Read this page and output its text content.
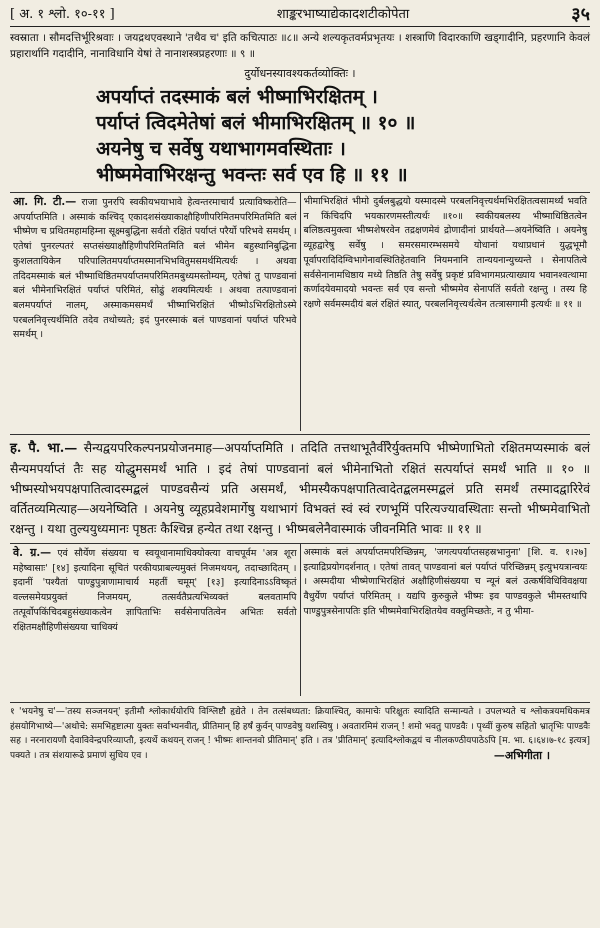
[ अ. १ श्लो. १०-११ ]	शाङ्करभाष्याद्येकादशटीकोपेता	३५

स्वस्राता । सौमदत्तिर्भूरिश्रवाः । जयद्रथएवस्थाने 'तथैव च' इति कचित्पाठः ॥८॥ अन्ये शल्यकृतवर्मप्रभृतयः । शस्त्राणि विदारकाणि खड्गादीनि, प्रहरणानि केवलं प्रहारार्थानि गदादीनि, नानाविधानि येषां ते नानाशस्त्रप्रहरणाः ॥ ९ ॥

दुर्योधनस्यावश्यकर्तव्योक्तिः ।
अपर्याप्तं तदस्माकं बलं भीष्माभिरक्षितम् ।
पर्याप्तं त्विदमेतेषां बलं भीमाभिरक्षितम् ॥ १० ॥
अयनेषु च सर्वेषु यथाभागमवस्थिताः ।
भीष्ममेवाभिरक्षन्तु भवन्तः सर्व एव हि ॥ ११ ॥
आ. गि. टी.— राजा पुनरपि स्वकीयभयाभावे हेत्वन्तरमाचार्यं प्रत्याविष्करोति—अपर्याप्तमिति । अस्माकं कश्चिद् एकादशसंख्याकाक्षौहिणीपरिमितमपरिमितमिति बलं भीष्मेण च प्रथितमहामहिम्ना सूक्ष्मबुद्धिना सर्वतो रक्षितं पर्याप्तं परैर्यो परिभवे समर्थम् । एतेषां पुनरल्पतरं सप्तसंख्याक्षौहिणीपरिमितमिति बलं भीमेन बहुस्थानिबुद्धिना कुशलतायिकेन परिपालितमपर्याप्तमस्मानभिभवितुमसमर्थमित्यर्थः । अथवा तदिदमस्माकं बलं भीष्माधिष्ठितमपर्याप्तमपरिमितमबुध्यमस्तोम्यम्, एतेषां तु पाण्डवानां बलं भीमेनाभिरक्षितं पर्याप्तं परिमितं, सोढुं शक्यमित्यर्थः । अथवा तत्पाण्डवानां बलमपर्याप्तं नालम्, अस्माकमसमर्थं भीष्माभिरक्षितं भीष्मोऽभिरक्षितोऽस्मे परबलनिवृत्त्यर्थमिति तदेव तथोच्यते; इदं पुनरस्माकं बलं पाण्डवानां पर्याप्तं परिभवे समर्थम् ।
भीमाभिरक्षितं भीमो दुर्बलबुद्धयो यस्मादस्मे परबलनिवृत्त्यर्थमभिरक्षितत्वसामर्थ्यं भवति न किंचिदपि भयकारणमस्तीत्यर्थः ॥१०॥ स्वकीयबलस्य भीष्माधिष्ठितत्वेन बलिष्ठत्वमुक्त्वा भीष्मशेषरवेन तद्रक्षणमेवं द्रोणादीनां प्रार्थयते—अयनेष्विति । अयनेषु व्यूहद्वारेषु सर्वेषु । समरसमारम्भसमये योधानां यथाप्रधानं युद्धभूमौ पूर्वापरादिदिग्विभागेनावस्थितिहेतवानि नियमनानि तान्ययनान्युच्यन्ते । सेनापतित्वे सर्वसेनानामधिष्ठाय मध्ये तिष्ठति तेषु सर्वेषु प्रकृष्टं प्रविभागमप्रत्याख्याय भवानश्वत्थामा कर्णादयेवमादयो भवन्तः सर्व एव सन्तो भीष्ममेव सेनापतिं सर्वतो रक्षन्तु । तस्य हि रक्षणे सर्वमस्मदीयं बलं रक्षितं स्यात्, परबलनिवृत्त्यर्थत्वेन तत्त्रासगामी इत्यर्थः ॥ ११ ॥
ह. पै. भा.— सैन्यद्वयपरिकल्पनप्रयोजनमाह—अपर्याप्तमिति । तदिति तत्तथाभूतैर्वीरैर्युक्तमपि भीष्मेणाभितो रक्षितमप्यस्माकं बलं सैन्यमपर्याप्तं तैः सह योद्धुमसमर्थं भाति । इदं तेषां पाण्डवानां बलं भीमेनाभितो रक्षितं सत्पर्याप्तं समर्थं भाति ॥ १० ॥ भीष्मस्योभयपक्षपातित्वादस्मद्बलं पाण्डवसैन्यं प्रति असमर्थं, भीमस्यैकपक्षपातित्वादेतद्बलमस्मद्बलं प्रति समर्थं तस्मादद्वारिरेवं वर्तितव्यमित्याह—अयनेष्विति । अयनेषु व्यूहप्रवेशमार्गेषु यथाभागं विभक्तं स्वं स्वं रणभूमिं परित्यज्यावस्थिताः सन्तो भीष्ममेवाभितो रक्षन्तु । यथा तुल्ययुध्यमानः पृष्ठतः कैश्चिन्न हन्येत तथा रक्षन्तु । भीष्मबलेनैवास्माकं जीवनमिति भावः ॥ ११ ॥
वे. ग्र.— एवं सौर्येण संख्यया च स्वयूथानामाधिक्योक्त्या वाचपूर्वम 'अत्र शूरा महेष्वासाः' [१४] इत्यादिना सूचितं परकीयप्राबल्यमुक्तं निजमथयन्, तदाच्छादितम् । इदानीं 'पश्यैतां पाण्डुपुत्राणामाचार्य महतीं चमूम्' [१३] इत्यादिनाऽऽविष्कृतं वल्लसमेयप्रयुक्तं निजमयम्, तत्सर्वतैप्रत्यभिव्यक्तं बलवतामपि तत्पूर्वोपकिंचिदबहुसंख्याकत्वेन ज्ञापिताभिः सर्वसेनापतित्वेन अभितः सर्वतो रक्षितमक्षौहिणीसंख्यया चाधिक्यं
अस्माकं बलं अपर्याप्तमपरिच्छिन्नम्, 'जगत्यपर्याप्तसहस्रभानुना' [शि. व. १।२७] इत्याद्रिप्रयोगदर्शनात् । एतेषां तावत् पाण्डवानां बलं पर्याप्तं परिच्छिन्नम् इत्युभयत्रान्वयः । अस्मदीया भीष्मेणाभिरक्षितं अक्षौहिणीसंख्यया च न्यूनं बलं उत्कर्षविधिविवक्षया वैधुर्येण पर्याप्तं परिमितम् । यद्यपि कुरुकुले भीष्मः इव पाण्डवकुले भीमस्तथापि पाण्डुपुत्रसेनापतिः इति भीष्ममेवाभिरक्षितयेव वक्तुमिच्छतेः, न तु भीमा-
१ 'भयनेषु च'—'तस्य सञ्जनयन्' इतीमौ श्लोकार्धयोरपि विश्लिष्टौ हृद्येते । तेन तत्संबध्यता: क्रियाश्चित्, कामाचेः परिक्षुतः स्यादिति सन्मान्यते । उपलभ्यते च श्लोकत्रयमधिकमत्र हंसयोगिभाष्ये—'अथोचे: समभिहृष्टात्मा युक्तः सर्वाभ्यनवीत्, प्रीतिमान् हि हर्षं कुर्वन् पाण्डवेषु यशस्विषु । अवतारमिमं राजन् ! शमो भवतु पाण्डवैः । पृथ्वीं कुरुष सहितो भ्रातृभिः पाण्डवैः सह । नरनारायणौ देवाविवेन्द्रपरिव्याप्तौ, इत्यर्थे कथयन् राजन् ! भीष्मः शान्तनवो प्रीतिमान्' इति । तत्र 'प्रीतिमान्' इत्यादिश्लोकद्वयं च नीलकण्ठीयपाठेऽपि [म. भा. ६।६४।७-१८ इत्यत्र] पक्यते । तत्र संशयारूढे प्रमाणं सुधिय एव ।	—अभिगीता ।
